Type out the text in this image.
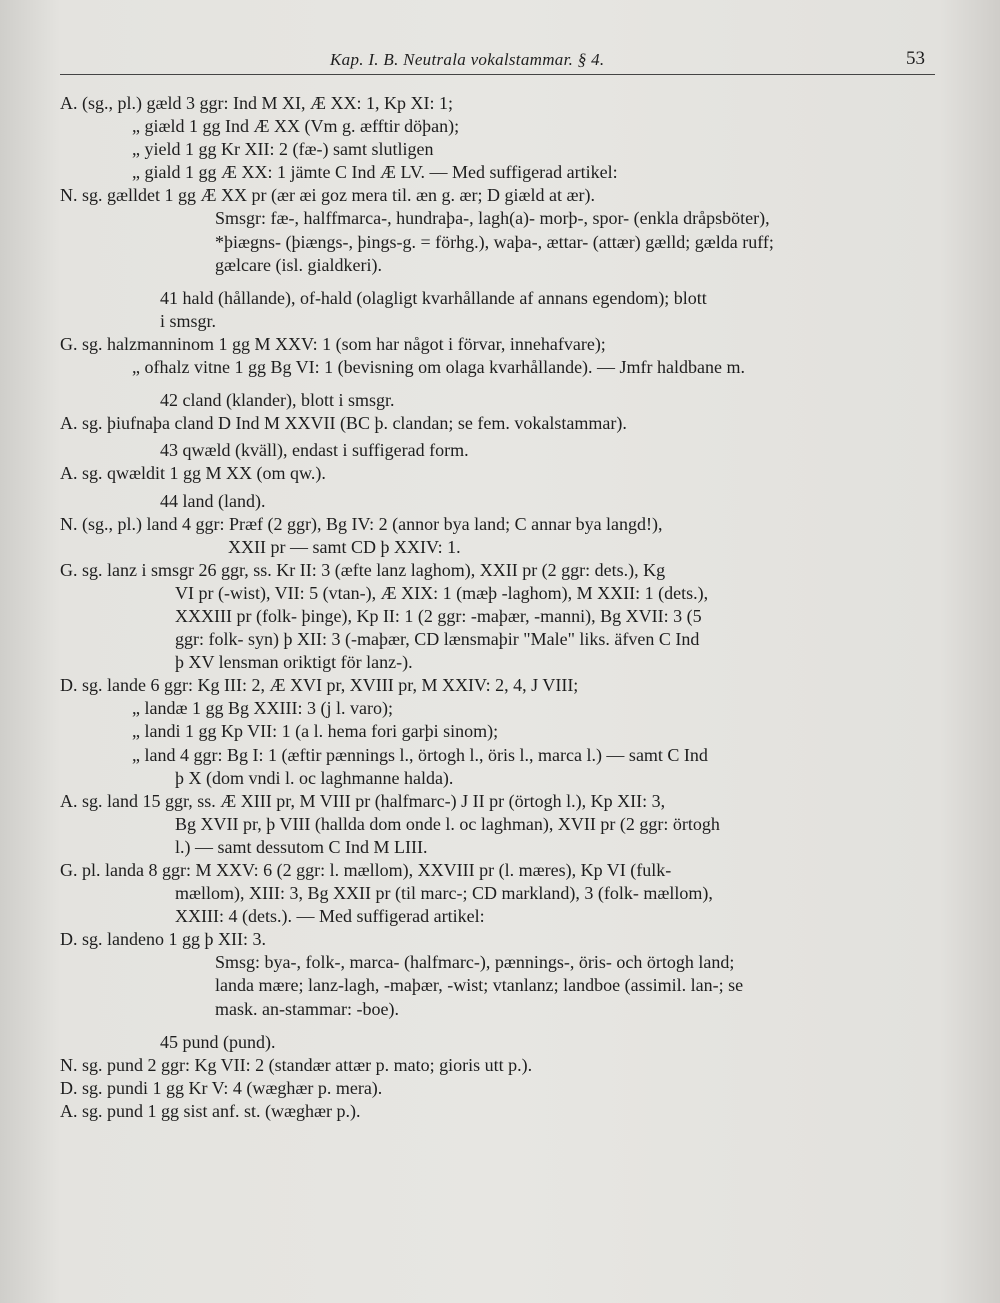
Kap. I. B. Neutrala vokalstammar. § 4.	53
A. (sg., pl.) gæld 3 ggr: Ind M XI, Æ XX: 1, Kp XI: 1;
„ giæld 1 gg Ind Æ XX (Vm g. æfftir döþan);
„ yield 1 gg Kr XII: 2 (fæ-) samt slutligen
„ giald 1 gg Æ XX: 1 jämte C Ind Æ LV. — Med suffigerad artikel:
N. sg. gælldet 1 gg Æ XX pr (ær æi goz mera til. æn g. ær; D giæld at ær).
Smsgr: fæ-, halffmarca-, hundraþa-, lagh(a)- morþ-, spor- (enkla dråpsböter),
*þiægns- (þiængs-, þings-g. = förhg.), waþa-, ættar- (attær) gælld; gælda ruff;
gælcare (isl. gialdkeri).
41 hald (hållande), of-hald (olagligt kvarhållande af annans egendom); blott
i smsgr.
G. sg. halzmanninom 1 gg M XXV: 1 (som har något i förvar, innehafvare);
„ ofhalz vitne 1 gg Bg VI: 1 (bevisning om olaga kvarhållande). — Jmfr haldbane m.
42 cland (klander), blott i smsgr.
A. sg. þiufnaþa cland D Ind M XXVII (BC þ. clandan; se fem. vokalstammar).
43 qwæld (kväll), endast i suffigerad form.
A. sg. qwældit 1 gg M XX (om qw.).
44 land (land).
N. (sg., pl.) land 4 ggr: Præf (2 ggr), Bg IV: 2 (annor bya land; C annar bya langd!),
XXII pr — samt CD þ XXIV: 1.
G. sg. lanz i smsgr 26 ggr, ss. Kr II: 3 (æfte lanz laghom), XXII pr (2 ggr: dets.), Kg
VI pr (-wist), VII: 5 (vtan-), Æ XIX: 1 (mæþ -laghom), M XXII: 1 (dets.),
XXXIII pr (folk- þinge), Kp II: 1 (2 ggr: -maþær, -manni), Bg XVII: 3 (5
ggr: folk- syn) þ XII: 3 (-maþær, CD lænsmaþir "Male" liks. äfven C Ind
þ XV lensman oriktigt för lanz-).
D. sg. lande 6 ggr: Kg III: 2, Æ XVI pr, XVIII pr, M XXIV: 2, 4, J VIII;
„ landæ 1 gg Bg XXIII: 3 (j l. varo);
„ landi 1 gg Kp VII: 1 (a l. hema fori garþi sinom);
„ land 4 ggr: Bg I: 1 (æftir pænnings l., örtogh l., öris l., marca l.) — samt C Ind
þ X (dom vndi l. oc laghmanne halda).
A. sg. land 15 ggr, ss. Æ XIII pr, M VIII pr (halfmarc-) J II pr (örtogh l.), Kp XII: 3,
Bg XVII pr, þ VIII (hallda dom onde l. oc laghman), XVII pr (2 ggr: örtogh
l.) — samt dessutom C Ind M LIII.
G. pl. landa 8 ggr: M XXV: 6 (2 ggr: l. mællom), XXVIII pr (l. mæres), Kp VI (fulk-
mællom), XIII: 3, Bg XXII pr (til marc-; CD markland), 3 (folk- mællom),
XXIII: 4 (dets.). — Med suffigerad artikel:
D. sg. landeno 1 gg þ XII: 3.
Smsg: bya-, folk-, marca- (halfmarc-), pænnings-, öris- och örtogh land;
landa mære; lanz-lagh, -maþær, -wist; vtanlanz; landboe (assimil. lan-; se
mask. an-stammar: -boe).
45 pund (pund).
N. sg. pund 2 ggr: Kg VII: 2 (standær attær p. mato; gioris utt p.).
D. sg. pundi 1 gg Kr V: 4 (wæghær p. mera).
A. sg. pund 1 gg sist anf. st. (wæghær p.).
